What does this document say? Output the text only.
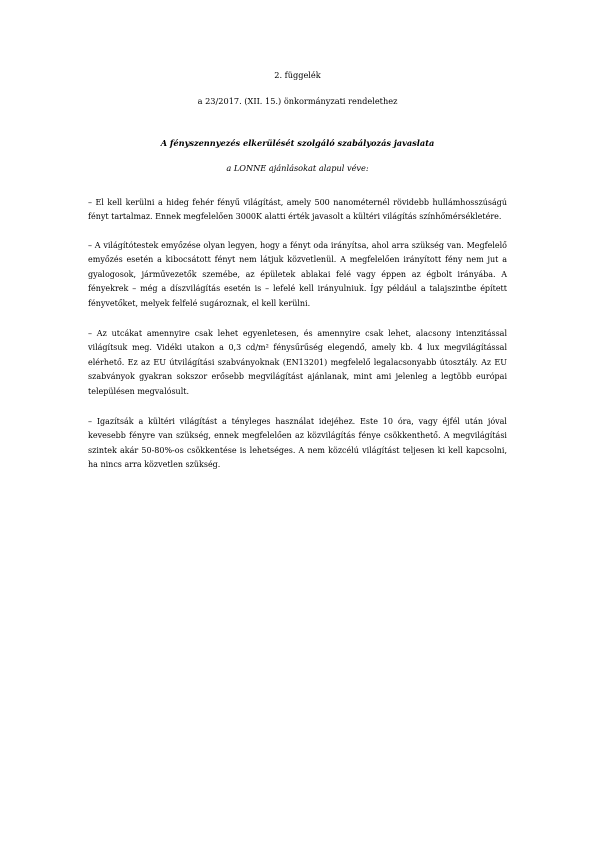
2. függelék
a 23/2017. (XII. 15.) önkormányzati rendelethez
A fényszennyezés elkerülését szolgáló szabályozás javaslata
a LONNE ajánlásokat alapul véve:

– El kell kerülni a hideg fehér fényű világítást, amely 500 nanométernél rövidebb hullámhosszúságú fényt tartalmaz. Ennek megfelelően 3000K alatti érték javasolt a kültéri világítás színhőmérsékletére.

– A világítótestek emyőzése olyan legyen, hogy a fényt oda irányítsa, ahol arra szükség van. Megfelelő emyőzés esetén a kibocsátott fényt nem látjuk közvetlenül. A megfelelően irányított fény nem jut a gyalogosok, járművezetők szemébe, az épületek ablakai felé vagy éppen az égbolt irányába. A fényekrek – még a díszvilágítás esetén is – lefelé kell irányulniuk. Így például a talajszintbe épített fényvetőket, melyek felfelé sugároznak, el kell kerülni.

– Az utcákat amennyire csak lehet egyenletesen, és amennyire csak lehet, alacsony intenzitással világítsuk meg. Vidéki utakon a 0,3 cd/m² fénysűrűség elegendő, amely kb. 4 lux megvilágítással elérhető. Ez az EU útvilágítási szabványoknak (EN13201) megfelelő legalacsonyabb útosztály. Az EU szabványok gyakran sokszor erősebb megvilágítást ajánlanak, mint ami jelenleg a legtöbb európai településen megvalósult.

– Igazítsák a kültéri világítást a tényleges használat idejéhez. Este 10 óra, vagy éjfél után jóval kevesebb fényre van szükség, ennek megfelelően az közvilágítás fénye csökkenthető. A megvilágítási szintek akár 50-80%-os csökkentése is lehetséges. A nem közcélú világítást teljesen ki kell kapcsolni, ha nincs arra közvetlen szükség.
